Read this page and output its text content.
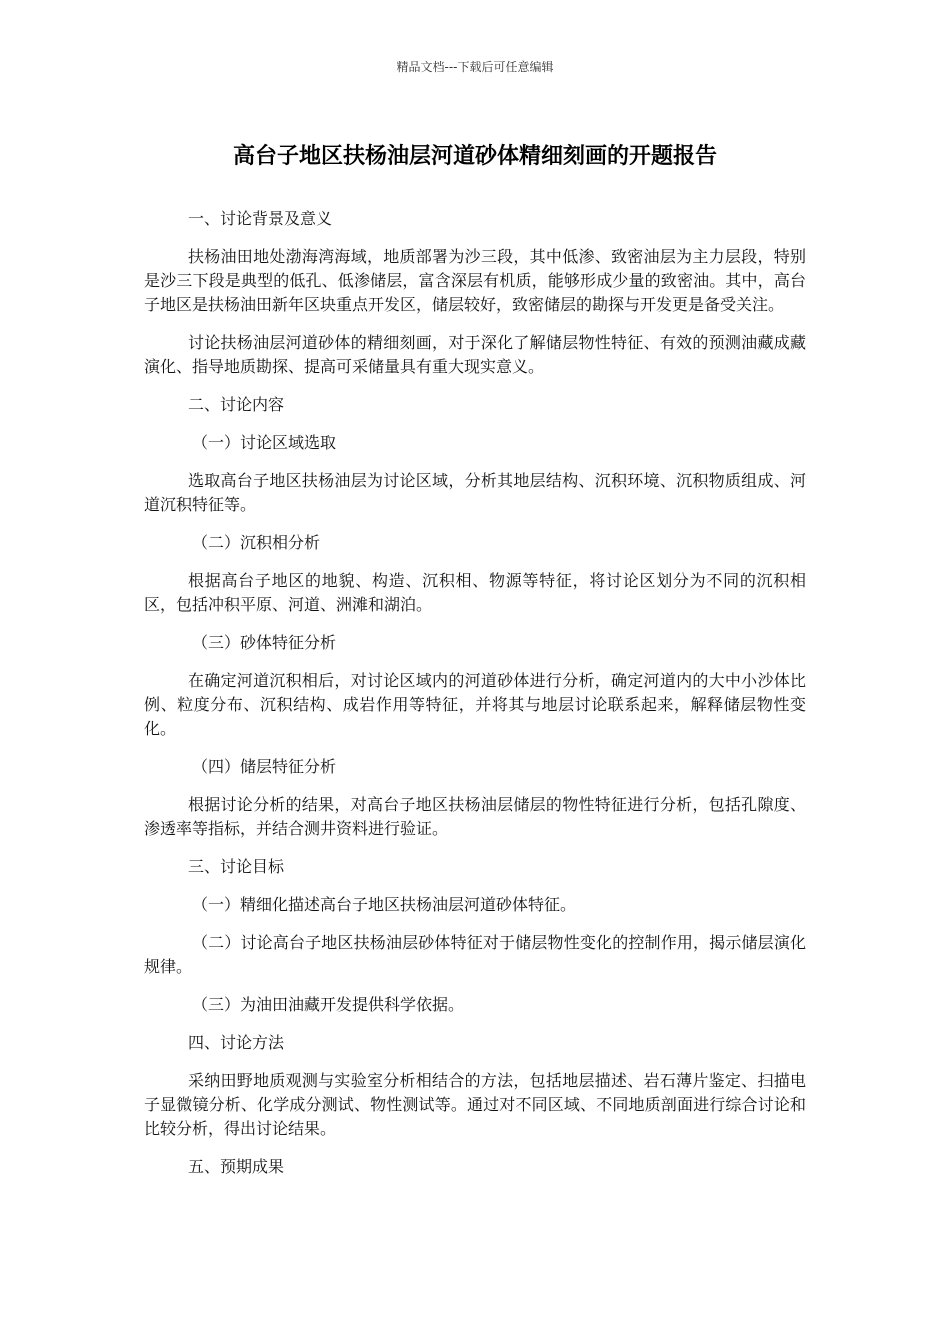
精品文档---下载后可任意编辑
高台子地区扶杨油层河道砂体精细刻画的开题报告

一、讨论背景及意义

扶杨油田地处渤海湾海域，地质部署为沙三段，其中低渗、致密油层为主力层段，特别是沙三下段是典型的低孔、低渗储层，富含深层有机质，能够形成少量的致密油。其中，高台子地区是扶杨油田新年区块重点开发区，储层较好，致密储层的勘探与开发更是备受关注。

讨论扶杨油层河道砂体的精细刻画，对于深化了解储层物性特征、有效的预测油藏成藏演化、指导地质勘探、提高可采储量具有重大现实意义。

二、讨论内容

（一）讨论区域选取

选取高台子地区扶杨油层为讨论区域，分析其地层结构、沉积环境、沉积物质组成、河道沉积特征等。

（二）沉积相分析

根据高台子地区的地貌、构造、沉积相、物源等特征，将讨论区划分为不同的沉积相区，包括冲积平原、河道、洲滩和湖泊。

（三）砂体特征分析

在确定河道沉积相后，对讨论区域内的河道砂体进行分析，确定河道内的大中小沙体比例、粒度分布、沉积结构、成岩作用等特征，并将其与地层讨论联系起来，解释储层物性变化。

（四）储层特征分析

根据讨论分析的结果，对高台子地区扶杨油层储层的物性特征进行分析，包括孔隙度、渗透率等指标，并结合测井资料进行验证。

三、讨论目标

（一）精细化描述高台子地区扶杨油层河道砂体特征。

（二）讨论高台子地区扶杨油层砂体特征对于储层物性变化的控制作用，揭示储层演化规律。

（三）为油田油藏开发提供科学依据。

四、讨论方法

采纳田野地质观测与实验室分析相结合的方法，包括地层描述、岩石薄片鉴定、扫描电子显微镜分析、化学成分测试、物性测试等。通过对不同区域、不同地质剖面进行综合讨论和比较分析，得出讨论结果。

五、预期成果
